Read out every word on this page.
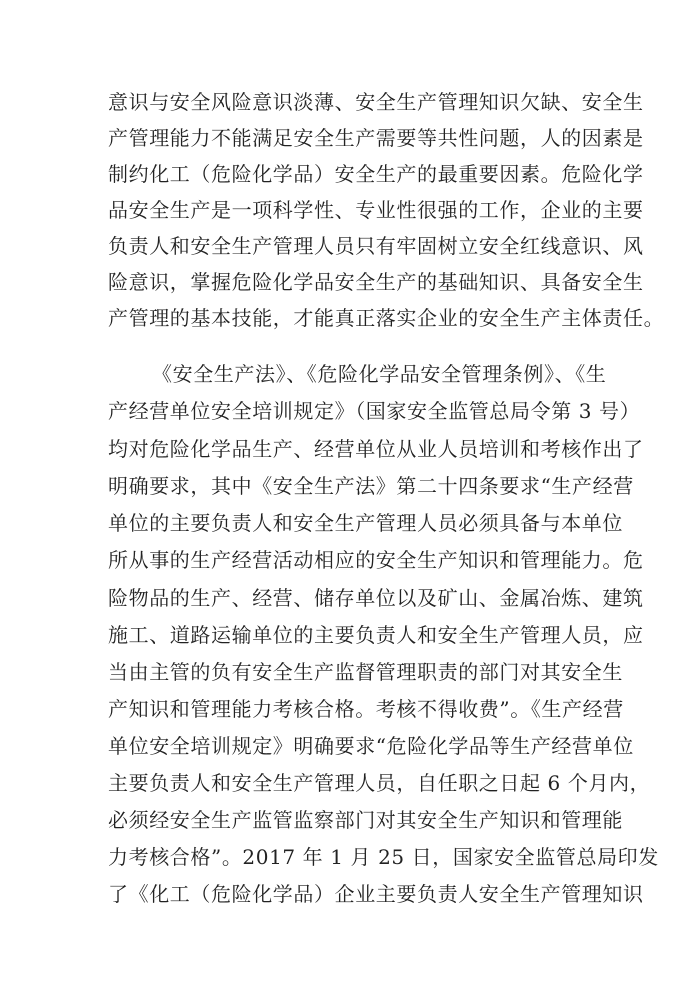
意识与安全风险意识淡薄、安全生产管理知识欠缺、安全生
产管理能力不能满足安全生产需要等共性问题，人的因素是
制约化工（危险化学品）安全生产的最重要因素。危险化学
品安全生产是一项科学性、专业性很强的工作，企业的主要
负责人和安全生产管理人员只有牢固树立安全红线意识、风
险意识，掌握危险化学品安全生产的基础知识、具备安全生
产管理的基本技能，才能真正落实企业的安全生产主体责任。
《安全生产法》、《危险化学品安全管理条例》、《生
产经营单位安全培训规定》（国家安全监管总局令第 3 号）
均对危险化学品生产、经营单位从业人员培训和考核作出了
明确要求，其中《安全生产法》第二十四条要求“生产经营
单位的主要负责人和安全生产管理人员必须具备与本单位
所从事的生产经营活动相应的安全生产知识和管理能力。危
险物品的生产、经营、储存单位以及矿山、金属冶炼、建筑
施工、道路运输单位的主要负责人和安全生产管理人员，应
当由主管的负有安全生产监督管理职责的部门对其安全生
产知识和管理能力考核合格。考核不得收费”。《生产经营
单位安全培训规定》明确要求“危险化学品等生产经营单位
主要负责人和安全生产管理人员，自任职之日起 6 个月内，
必须经安全生产监管监察部门对其安全生产知识和管理能
力考核合格”。2017 年 1 月 25 日，国家安全监管总局印发
了《化工（危险化学品）企业主要负责人安全生产管理知识
